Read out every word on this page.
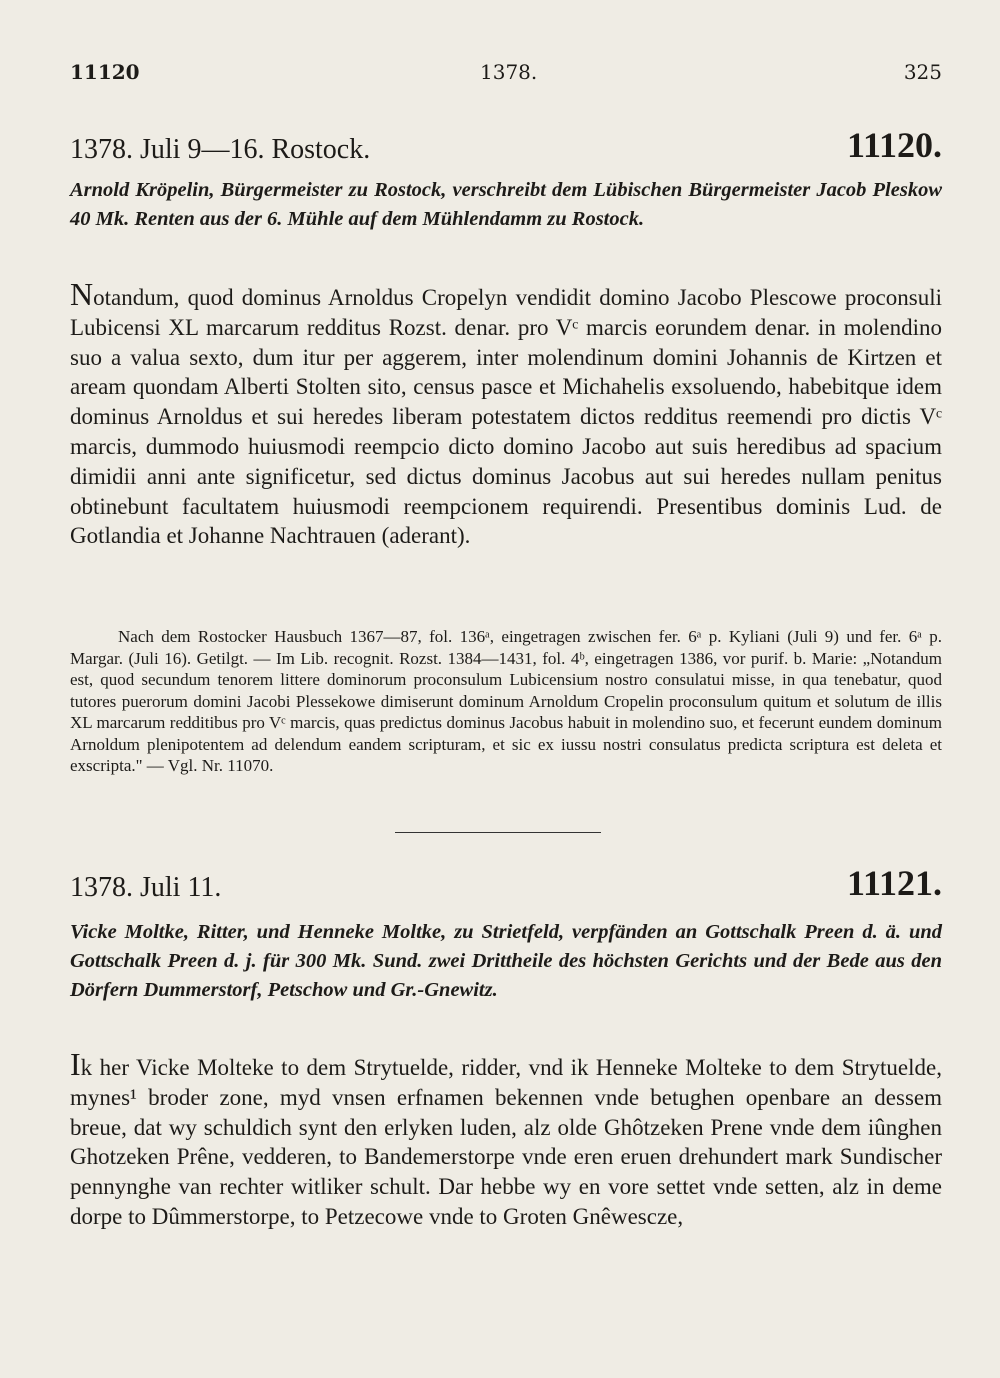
11120	1378.	325
1378. Juli 9—16. Rostock.	11120.
Arnold Kröpelin, Bürgermeister zu Rostock, verschreibt dem Lübischen Bürgermeister Jacob Pleskow 40 Mk. Renten aus der 6. Mühle auf dem Mühlendamm zu Rostock.

Notandum, quod dominus Arnoldus Cropelyn vendidit domino Jacobo Plescowe proconsuli Lubicensi XL marcarum redditus Rozst. denar. pro Vᶜ marcis eorundem denar. in molendino suo a valua sexto, dum itur per aggerem, inter molendinum domini Johannis de Kirtzen et aream quondam Alberti Stolten sito, census pasce et Michahelis exsoluendo, habebitque idem dominus Arnoldus et sui heredes liberam potestatem dictos redditus reemendi pro dictis Vᶜ marcis, dummodo huiusmodi reempcio dicto domino Jacobo aut suis heredibus ad spacium dimidii anni ante significetur, sed dictus dominus Jacobus aut sui heredes nullam penitus obtinebunt facultatem huiusmodi reempcionem requirendi. Presentibus dominis Lud. de Gotlandia et Johanne Nachtrauen (aderant).

Nach dem Rostocker Hausbuch 1367—87, fol. 136ᵃ, eingetragen zwischen fer. 6ᵃ p. Kyliani (Juli 9) und fer. 6ᵃ p. Margar. (Juli 16). Getilgt. — Im Lib. recognit. Rozst. 1384—1431, fol. 4ᵇ, eingetragen 1386, vor purif. b. Marie: „Notandum est, quod secundum tenorem littere dominorum proconsulum Lubicensium nostro consulatui misse, in qua tenebatur, quod tutores puerorum domini Jacobi Plessekowe dimiserunt dominum Arnoldum Cropelin proconsulum quitum et solutum de illis XL marcarum redditibus pro Vᶜ marcis, quas predictus dominus Jacobus habuit in molendino suo, et fecerunt eundem dominum Arnoldum plenipotentem ad delendum eandem scripturam, et sic ex iussu nostri consulatus predicta scriptura est deleta et exscripta." — Vgl. Nr. 11070.

1378. Juli 11.	11121.
Vicke Moltke, Ritter, und Henneke Moltke, zu Strietfeld, verpfänden an Gottschalk Preen d. ä. und Gottschalk Preen d. j. für 300 Mk. Sund. zwei Drittheile des höchsten Gerichts und der Bede aus den Dörfern Dummerstorf, Petschow und Gr.-Gnewitz.

Ik her Vicke Molteke to dem Strytuelde, ridder, vnd ik Henneke Molteke to dem Strytuelde, mynes¹ broder zone, myd vnsen erfnamen bekennen vnde betughen openbare an dessem breue, dat wy schuldich synt den erlyken luden, alz olde Ghôtzeken Prene vnde dem iûnghen Ghotzeken Prêne, vedderen, to Bandemerstorpe vnde eren eruen drehundert mark Sundischer pennynghe van rechter witliker schult. Dar hebbe wy en vore settet vnde setten, alz in deme dorpe to Dûmmerstorpe, to Petzecowe vnde to Groten Gnêwescze,
